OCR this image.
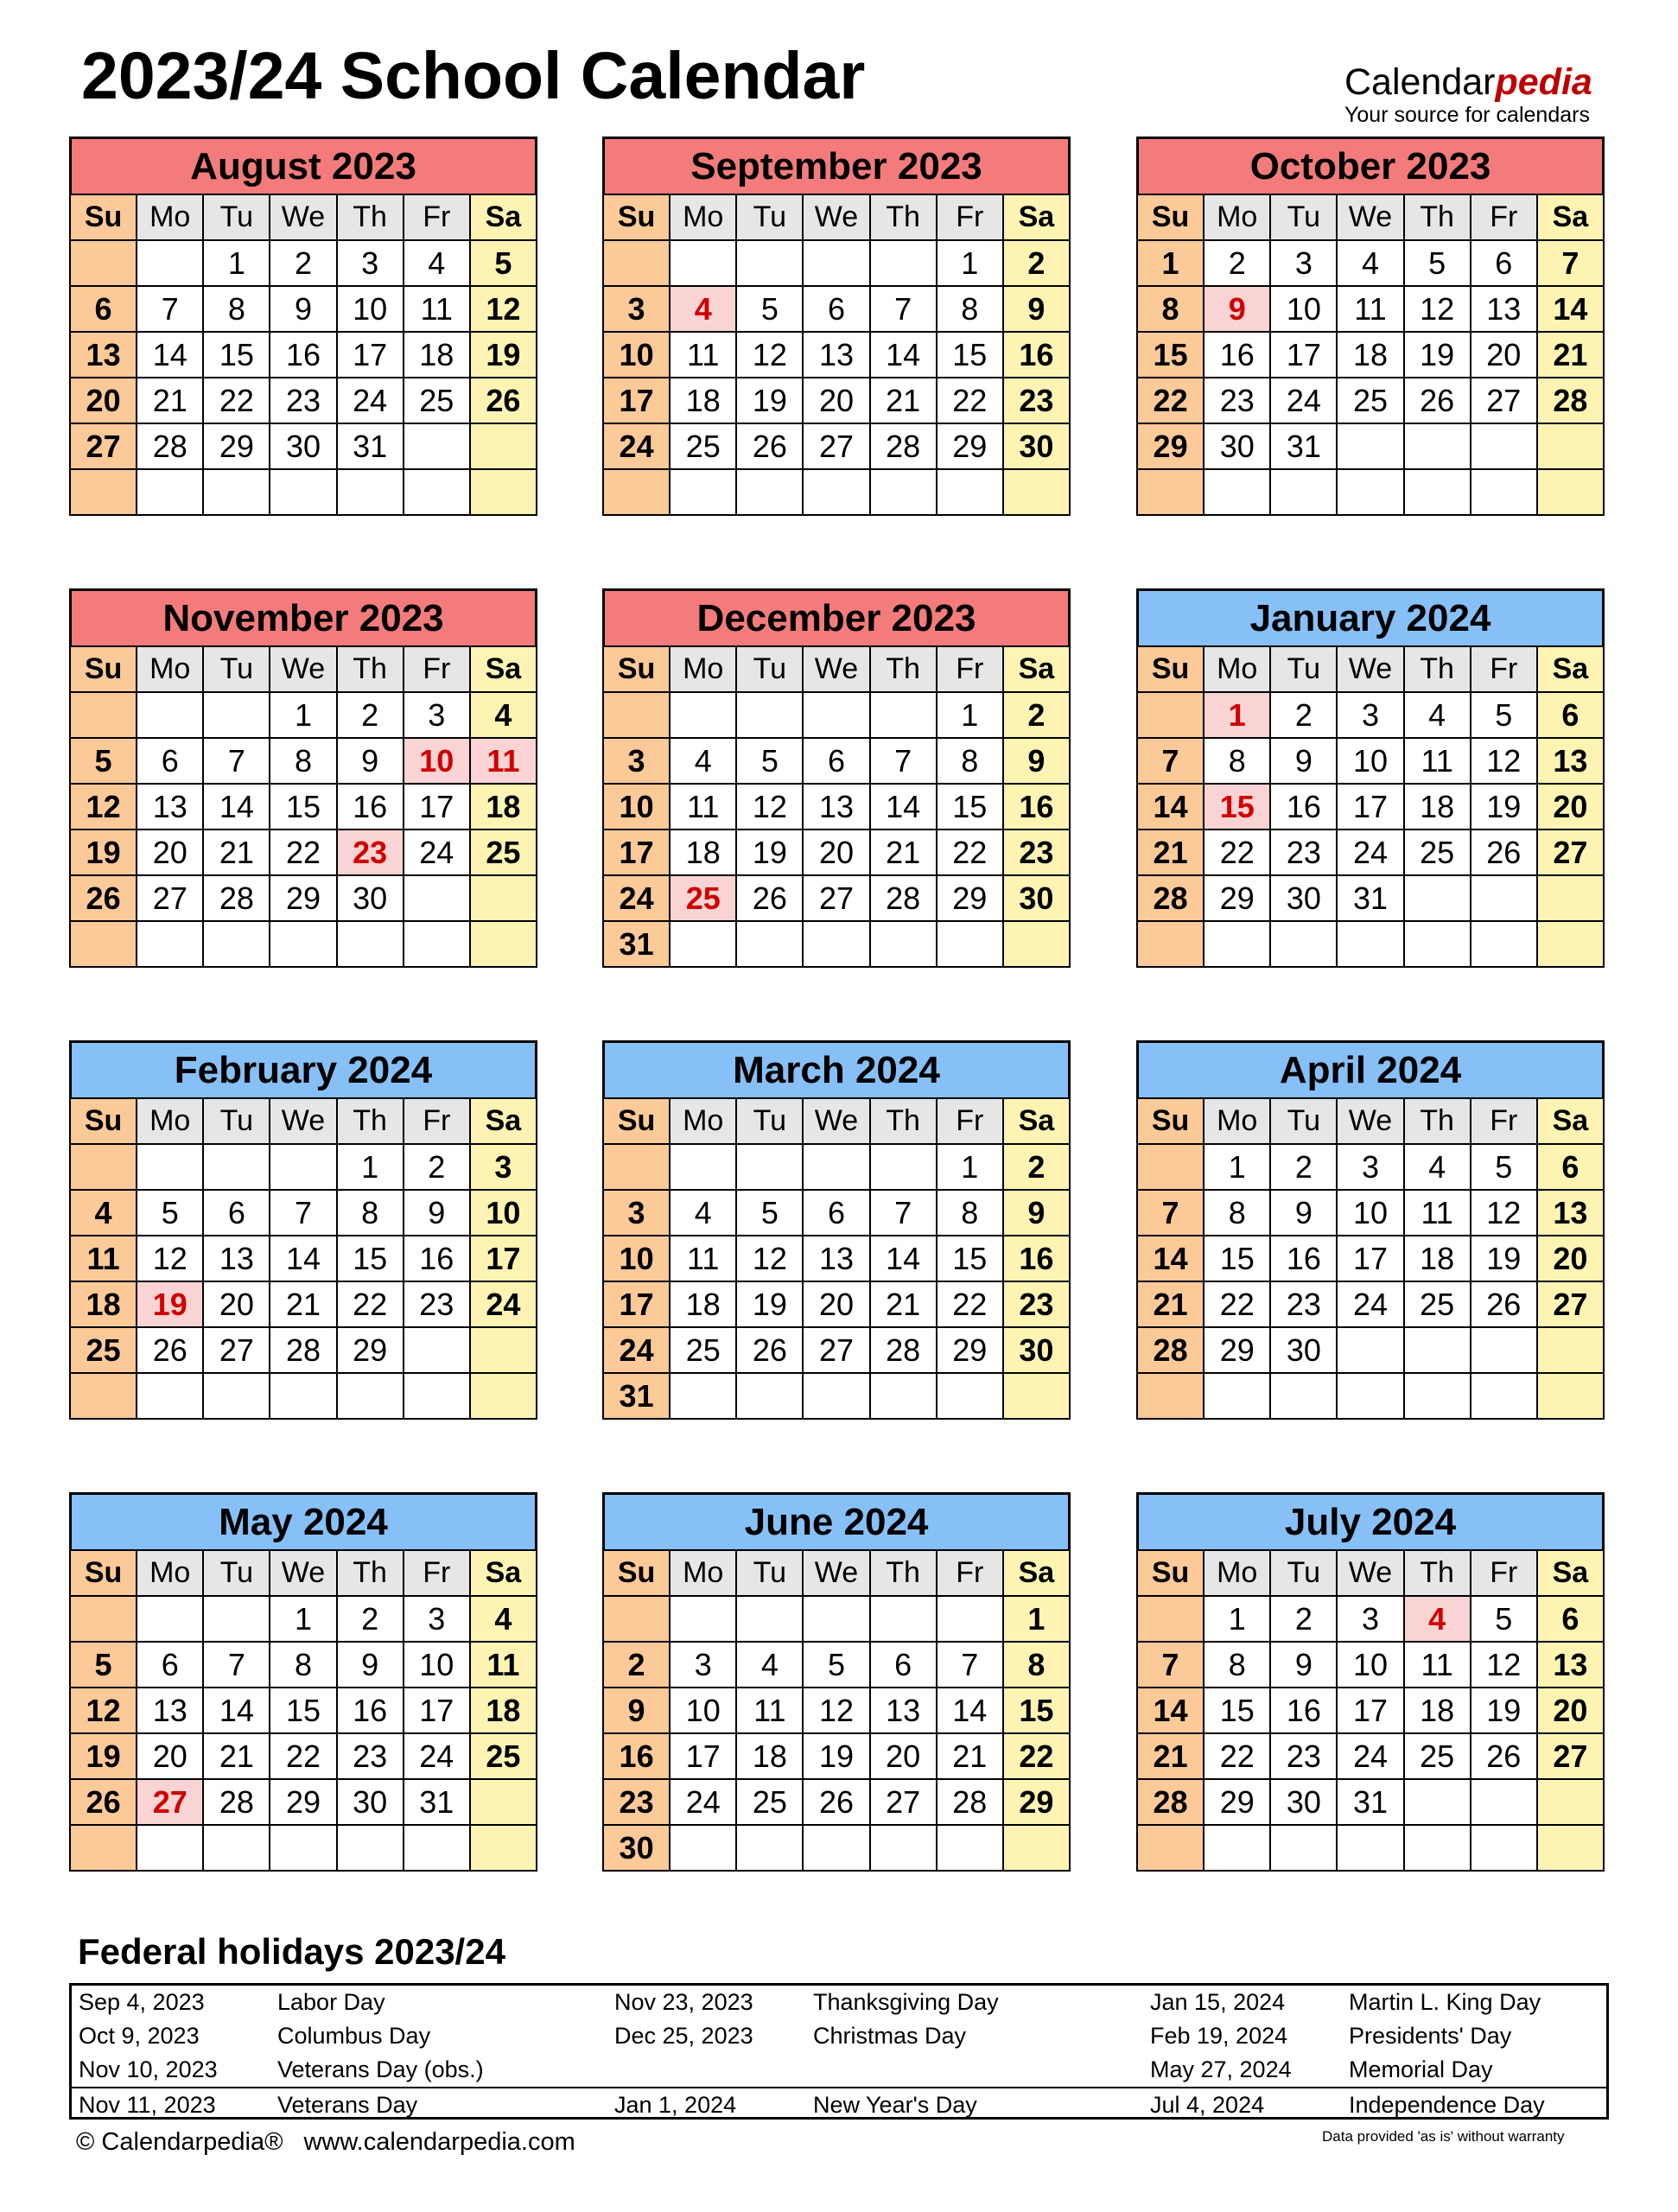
2023/24 School Calendar	Calendarpedia
Your source for calendars
August 2023
Su	Mo	Tu	We	Th	Fr	Sa
		1	2	3	4	5
6	7	8	9	10	11	12
13	14	15	16	17	18	19
20	21	22	23	24	25	26
27	28	29	30	31		

September 2023
Su	Mo	Tu	We	Th	Fr	Sa
					1	2
3	4	5	6	7	8	9
10	11	12	13	14	15	16
17	18	19	20	21	22	23
24	25	26	27	28	29	30

October 2023
Su	Mo	Tu	We	Th	Fr	Sa
1	2	3	4	5	6	7
8	9	10	11	12	13	14
15	16	17	18	19	20	21
22	23	24	25	26	27	28
29	30	31				

November 2023
Su	Mo	Tu	We	Th	Fr	Sa
			1	2	3	4
5	6	7	8	9	10	11
12	13	14	15	16	17	18
19	20	21	22	23	24	25
26	27	28	29	30		

December 2023
Su	Mo	Tu	We	Th	Fr	Sa
					1	2
3	4	5	6	7	8	9
10	11	12	13	14	15	16
17	18	19	20	21	22	23
24	25	26	27	28	29	30
31						
January 2024
Su	Mo	Tu	We	Th	Fr	Sa
	1	2	3	4	5	6
7	8	9	10	11	12	13
14	15	16	17	18	19	20
21	22	23	24	25	26	27
28	29	30	31			

February 2024
Su	Mo	Tu	We	Th	Fr	Sa
				1	2	3
4	5	6	7	8	9	10
11	12	13	14	15	16	17
18	19	20	21	22	23	24
25	26	27	28	29		

March 2024
Su	Mo	Tu	We	Th	Fr	Sa
					1	2
3	4	5	6	7	8	9
10	11	12	13	14	15	16
17	18	19	20	21	22	23
24	25	26	27	28	29	30
31						
April 2024
Su	Mo	Tu	We	Th	Fr	Sa
	1	2	3	4	5	6
7	8	9	10	11	12	13
14	15	16	17	18	19	20
21	22	23	24	25	26	27
28	29	30				

May 2024
Su	Mo	Tu	We	Th	Fr	Sa
			1	2	3	4
5	6	7	8	9	10	11
12	13	14	15	16	17	18
19	20	21	22	23	24	25
26	27	28	29	30	31	

June 2024
Su	Mo	Tu	We	Th	Fr	Sa
						1
2	3	4	5	6	7	8
9	10	11	12	13	14	15
16	17	18	19	20	21	22
23	24	25	26	27	28	29
30						
July 2024
Su	Mo	Tu	We	Th	Fr	Sa
	1	2	3	4	5	6
7	8	9	10	11	12	13
14	15	16	17	18	19	20
21	22	23	24	25	26	27
28	29	30	31			

Federal holidays 2023/24
Sep 4, 2023	Labor Day
Oct 9, 2023	Columbus Day
Nov 10, 2023	Veterans Day (obs.)
Nov 11, 2023	Veterans Day
Nov 23, 2023	Thanksgiving Day
Dec 25, 2023	Christmas Day
Jan 1, 2024	New Year's Day
Jan 15, 2024	Martin L. King Day
Feb 19, 2024	Presidents' Day
May 27, 2024 Memorial Day
Jul 4, 2024	Independence Day
© Calendarpedia® www.calendarpedia.com	Data provided 'as is' without warranty
